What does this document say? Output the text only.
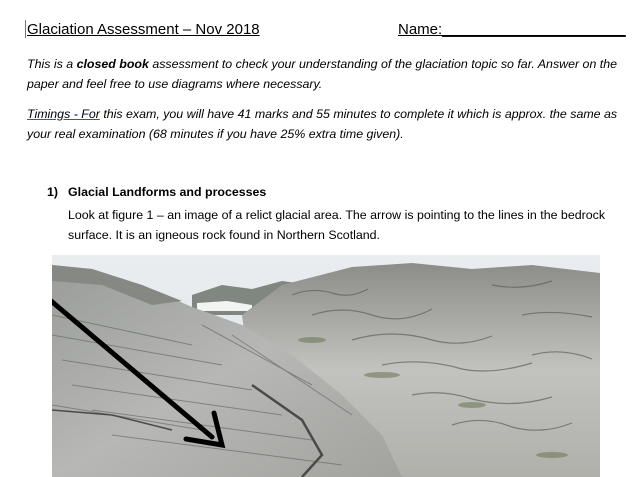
Glaciation Assessment – Nov 2018	Name:______________________
This is a closed book assessment to check your understanding of the glaciation topic so far. Answer on the paper and feel free to use diagrams where necessary.
Timings - For this exam, you will have 41 marks and 55 minutes to complete it which is approx. the same as your real examination (68 minutes if you have 25% extra time given).
1) Glacial Landforms and processes
Look at figure 1 – an image of a relict glacial area. The arrow is pointing to the lines in the bedrock surface. It is an igneous rock found in Northern Scotland.
